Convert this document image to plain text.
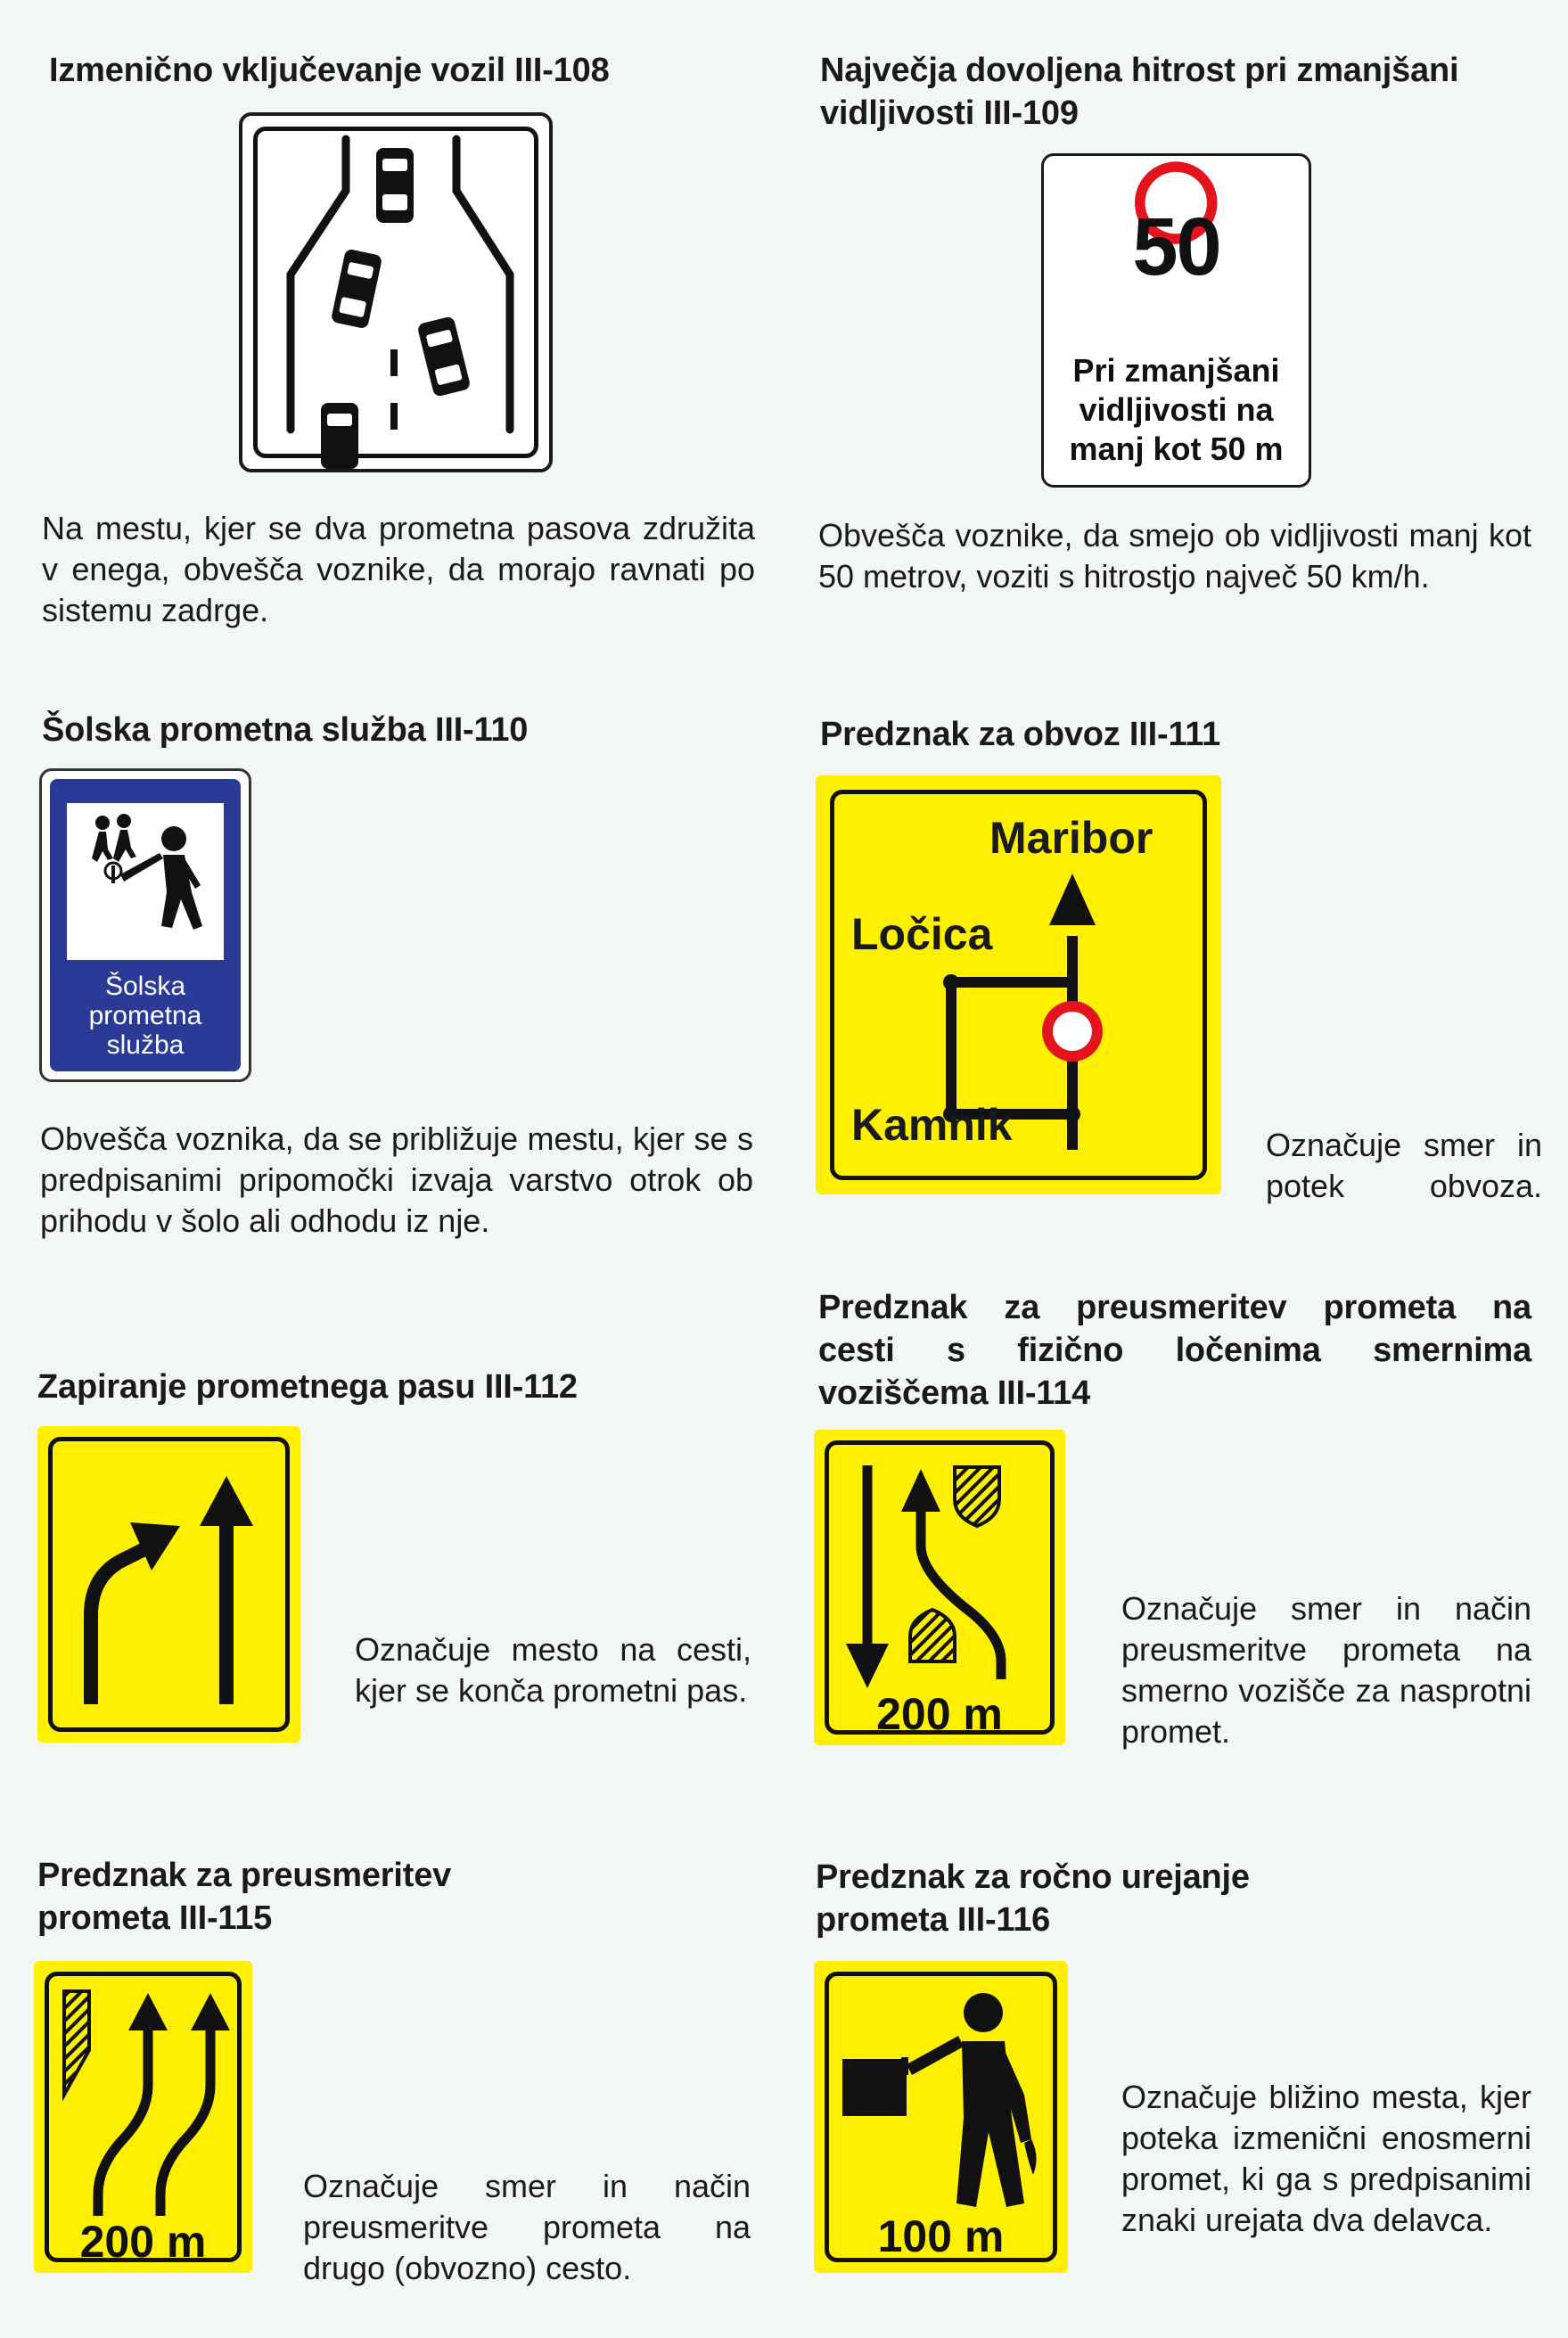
Izmenično vključevanje vozil III-108

Na mestu, kjer se dva prometna pasova združita v enega, obvešča voznike, da morajo ravnati po sistemu zadrge.

Največja dovoljena hitrost pri zmanjšani
vidljivosti III-109
50
Pri zmanjšani
vidljivosti na
manj kot 50 m

Obvešča voznike, da smejo ob vidljivosti manj kot 50 metrov, voziti s hitrostjo največ 50 km/h.

Šolska prometna služba III-110
Šolska
prometna
služba

Obvešča voznika, da se približuje mestu, kjer se s predpisanimi pripomočki izvaja varstvo otrok ob prihodu v šolo ali odhodu iz nje.

Predznak za obvoz III-111
Maribor
Ločica
Kamnik	Označuje smer in potek obvoza.

Predznak za preusmeritev prometa na
cesti s fizično ločenima smernima
voziščema III-114
200 m

Označuje smer in način preusmeritve prometa na smerno vozišče za nasprotni promet.

Zapiranje prometnega pasu III-112

Označuje mesto na cesti, kjer se konča prometni pas.

Predznak za preusmeritev
prometa III-115
200 m

Označuje smer in način preusmeritve prometa na drugo (obvozno) cesto.

Predznak za ročno urejanje
prometa III-116
100 m

Označuje bližino mesta, kjer poteka izmenični enosmerni promet, ki ga s predpisanimi znaki urejata dva delavca.
